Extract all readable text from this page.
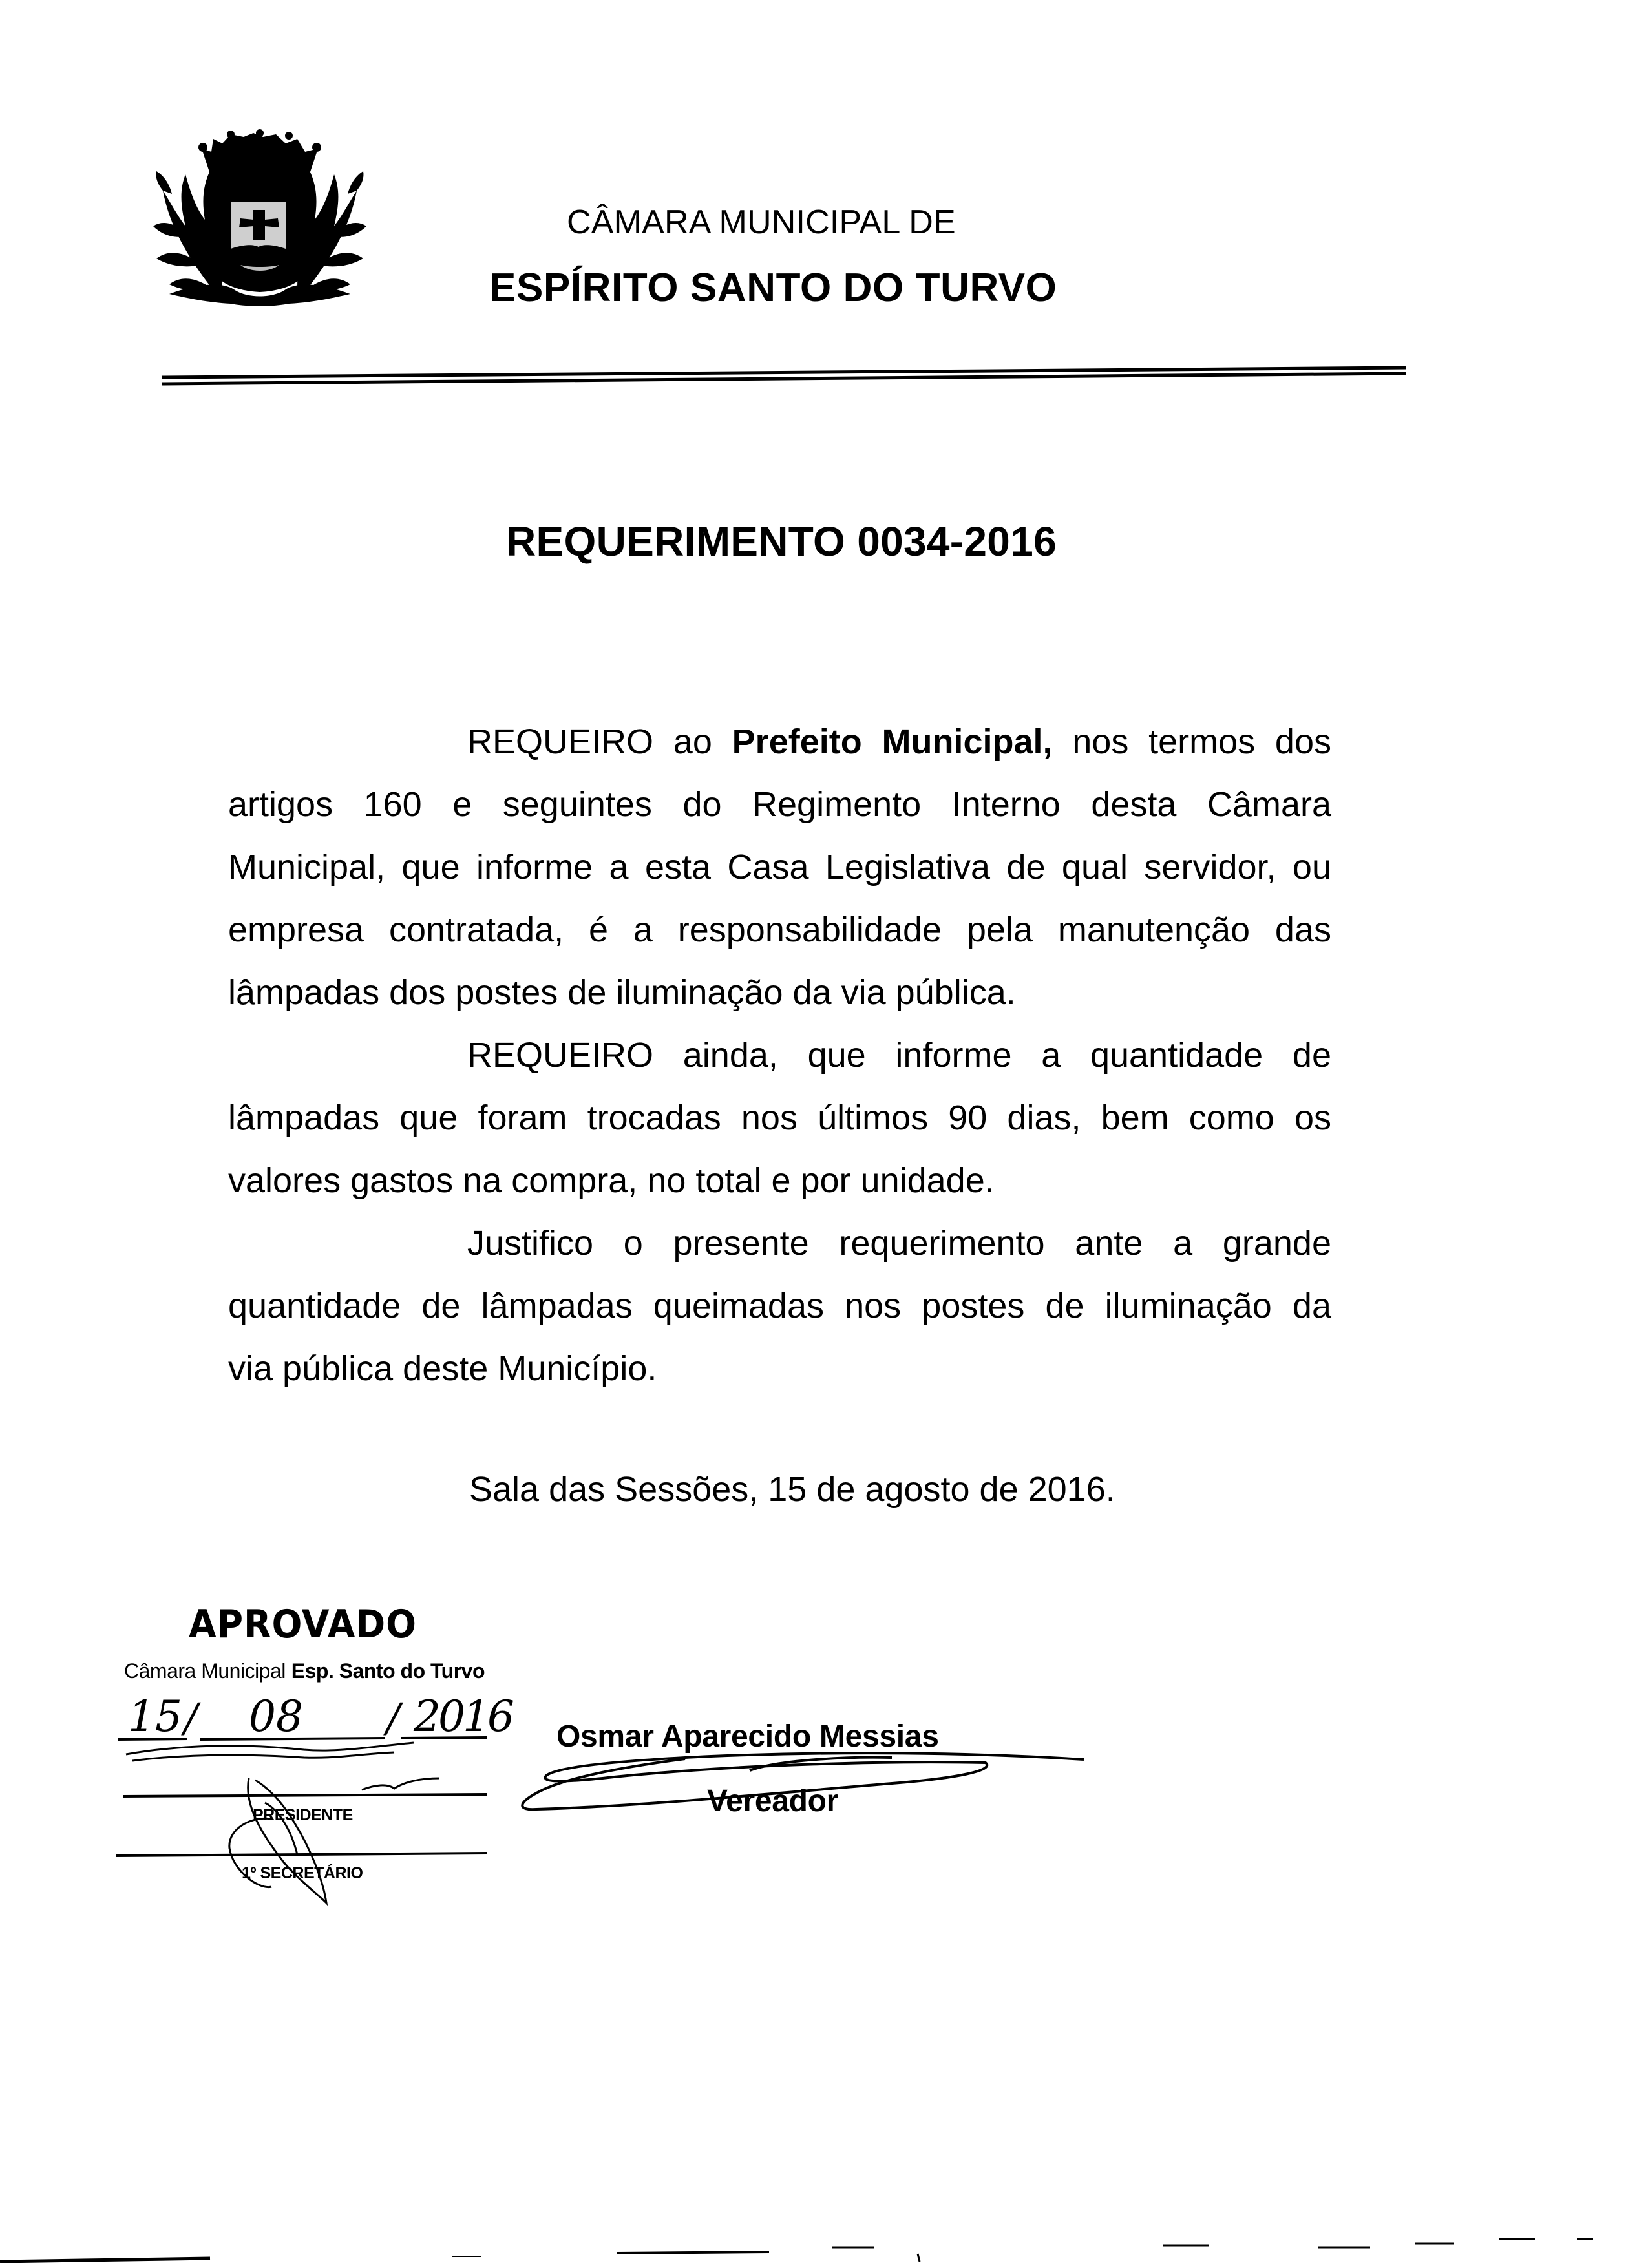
CÂMARA MUNICIPAL DE
ESPÍRITO SANTO DO TURVO
REQUERIMENTO 0034-2016
REQUEIRO ao Prefeito Municipal, nos termos dos
artigos 160 e seguintes do Regimento Interno desta Câmara
Municipal, que informe a esta Casa Legislativa de qual servidor, ou
empresa contratada, é a responsabilidade pela manutenção das
lâmpadas dos postes de iluminação da via pública.
REQUEIRO ainda, que informe a quantidade de
lâmpadas que foram trocadas nos últimos 90 dias, bem como os
valores gastos na compra, no total e por unidade.
Justifico o presente requerimento ante a grande
quantidade de lâmpadas queimadas nos postes de iluminação da
via pública deste Município.
Sala das Sessões, 15 de agosto de 2016.
APROVADO
Câmara Municipal Esp. Santo do Turvo
15 / 08 / 2016
PRESIDENTE
1º SECRETÁRIO
Osmar Aparecido Messias
Vereador
